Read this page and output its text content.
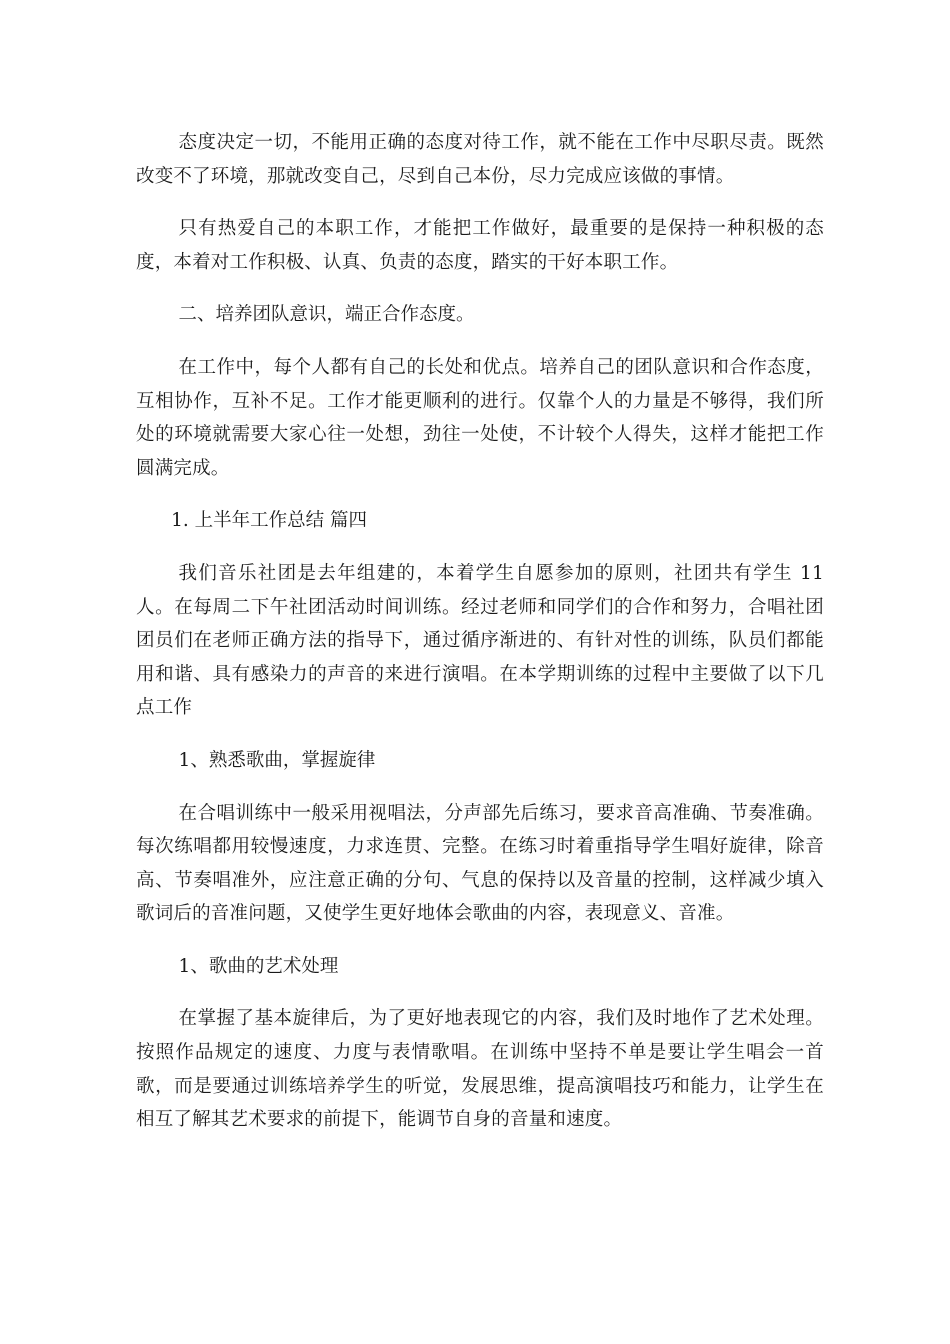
态度决定一切，不能用正确的态度对待工作，就不能在工作中尽职尽责。既然改变不了环境，那就改变自己，尽到自己本份，尽力完成应该做的事情。

只有热爱自己的本职工作，才能把工作做好，最重要的是保持一种积极的态度，本着对工作积极、认真、负责的态度，踏实的干好本职工作。

二、培养团队意识，端正合作态度。

在工作中，每个人都有自己的长处和优点。培养自己的团队意识和合作态度，互相协作，互补不足。工作才能更顺利的进行。仅靠个人的力量是不够得，我们所处的环境就需要大家心往一处想，劲往一处使，不计较个人得失，这样才能把工作圆满完成。

1. 上半年工作总结 篇四

我们音乐社团是去年组建的，本着学生自愿参加的原则，社团共有学生 11 人。在每周二下午社团活动时间训练。经过老师和同学们的合作和努力，合唱社团团员们在老师正确方法的指导下，通过循序渐进的、有针对性的训练，队员们都能用和谐、具有感染力的声音的来进行演唱。在本学期训练的过程中主要做了以下几点工作

1、熟悉歌曲，掌握旋律

在合唱训练中一般采用视唱法，分声部先后练习，要求音高准确、节奏准确。每次练唱都用较慢速度，力求连贯、完整。在练习时着重指导学生唱好旋律，除音高、节奏唱准外，应注意正确的分句、气息的保持以及音量的控制，这样减少填入歌词后的音准问题，又使学生更好地体会歌曲的内容，表现意义、音准。

1、歌曲的艺术处理

在掌握了基本旋律后，为了更好地表现它的内容，我们及时地作了艺术处理。按照作品规定的速度、力度与表情歌唱。在训练中坚持不单是要让学生唱会一首歌，而是要通过训练培养学生的听觉，发展思维，提高演唱技巧和能力，让学生在相互了解其艺术要求的前提下，能调节自身的音量和速度。
